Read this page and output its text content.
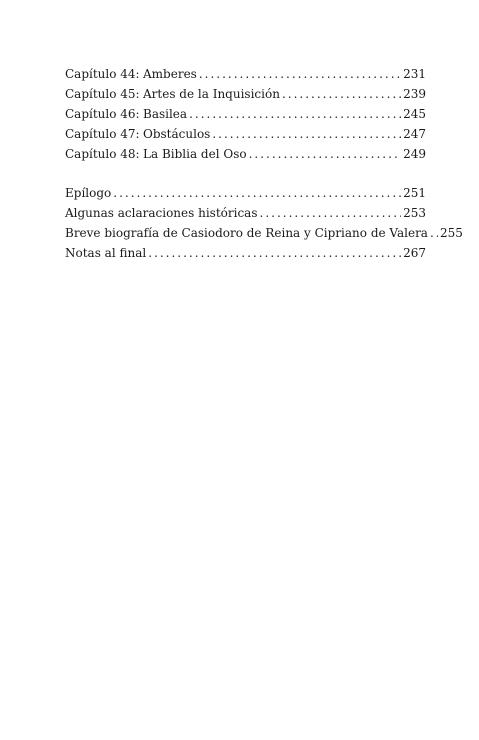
Capítulo 44: Amberes .....	231
Capítulo 45: Artes de la Inquisición .....	239
Capítulo 46: Basilea .....	245
Capítulo 47: Obstáculos .....	247
Capítulo 48: La Biblia del Oso .....	249
Epílogo .....	251
Algunas aclaraciones históricas .....	253
Breve biografía de Casiodoro de Reina y Cipriano de Valera ..... 255
Notas al final .....	267
